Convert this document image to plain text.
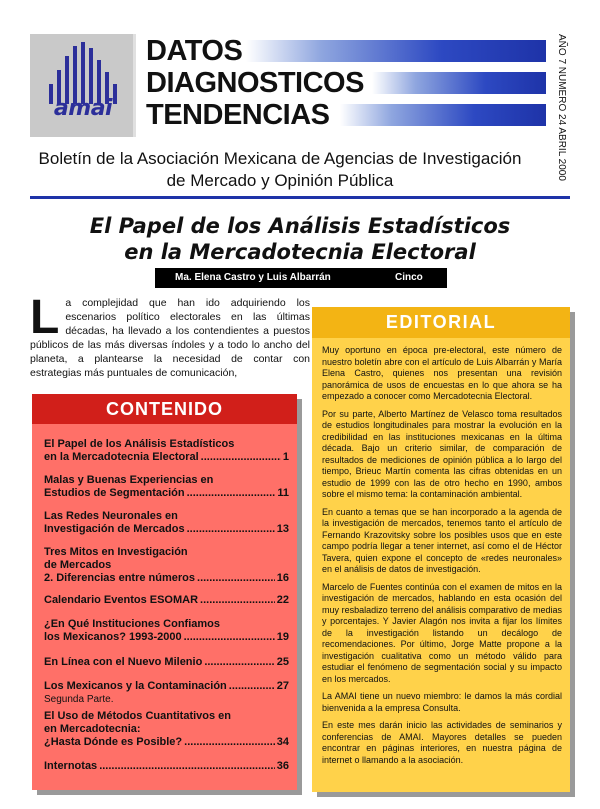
amai
DATOS
DIAGNOSTICOS
TENDENCIAS	AÑO 7 NUMERO 24 ABRIL 2000
Boletín de la Asociación Mexicana de Agencias de Investigación
de Mercado y Opinión Pública
El Papel de los Análisis Estadísticos
en la Mercadotecnia Electoral
Ma. Elena Castro y Luis Albarrán	Cinco
L a complejidad que han ido adquiriendo los escenarios político electorales en las últimas décadas, ha llevado a los contendientes a puestos públicos de las más diversas índoles y a todo lo ancho del planeta, a plantearse la necesidad de contar con estrategias más puntuales de comunicación,
CONTENIDO
El Papel de los Análisis Estadísticos
en la Mercadotecnia Electoral .....	1
Malas y Buenas Experiencias en
Estudios de Segmentación .....	11
Las Redes Neuronales en
Investigación de Mercados .....	13
Tres Mitos en Investigación
de Mercados
2. Diferencias entre números .....	16
Calendario Eventos ESOMAR .....	22
¿En Qué Instituciones Confiamos
los Mexicanos? 1993-2000 .....	19
En Línea con el Nuevo Milenio .....	25
Los Mexicanos y la Contaminación .....	27
Segunda Parte.
El Uso de Métodos Cuantitativos en
en Mercadotecnia:
¿Hasta Dónde es Posible? .....	34
Internotas .....	36
EDITORIAL

Muy oportuno en época pre-electoral, este número de nuestro boletín abre con el artículo de Luis Albarrán y María Elena Castro, quienes nos presentan una revisión panorámica de usos de encuestas en lo que ahora se ha empezado a conocer como Mercadotecnia Electoral.

Por su parte, Alberto Martínez de Velasco toma resultados de estudios longitudinales para mostrar la evolución en la credibilidad en las instituciones mexicanas en la última década. Bajo un criterio similar, de comparación de resultados de mediciones de opinión pública a lo largo del tiempo, Brieuc Martín comenta las cifras obtenidas en un estudio de 1999 con las de otro hecho en 1990, ambos sobre el mismo tema: la contaminación ambiental.

En cuanto a temas que se han incorporado a la agenda de la investigación de mercados, tenemos tanto el artículo de Fernando Krazovitsky sobre los posibles usos que en este campo podría llegar a tener internet, así como el de Héctor Tavera, quien expone el concepto de «redes neuronales» en el análisis de datos de investigación.

Marcelo de Fuentes continúa con el examen de mitos en la investigación de mercados, hablando en esta ocasión del muy resbaladizo terreno del análisis comparativo de medias y porcentajes. Y Javier Alagón nos invita a fijar los límites de la investigación listando un decálogo de recomendaciones. Por último, Jorge Matte propone a la investigación cualitativa como un método válido para estudiar el fenómeno de segmentación social y su impacto en los mercados.

La AMAI tiene un nuevo miembro: le damos la más cordial bienvenida a la empresa Consulta.

En este mes darán inicio las actividades de seminarios y conferencias de AMAI. Mayores detalles se pueden encontrar en páginas interiores, en nuestra página de internet o llamando a la asociación.
